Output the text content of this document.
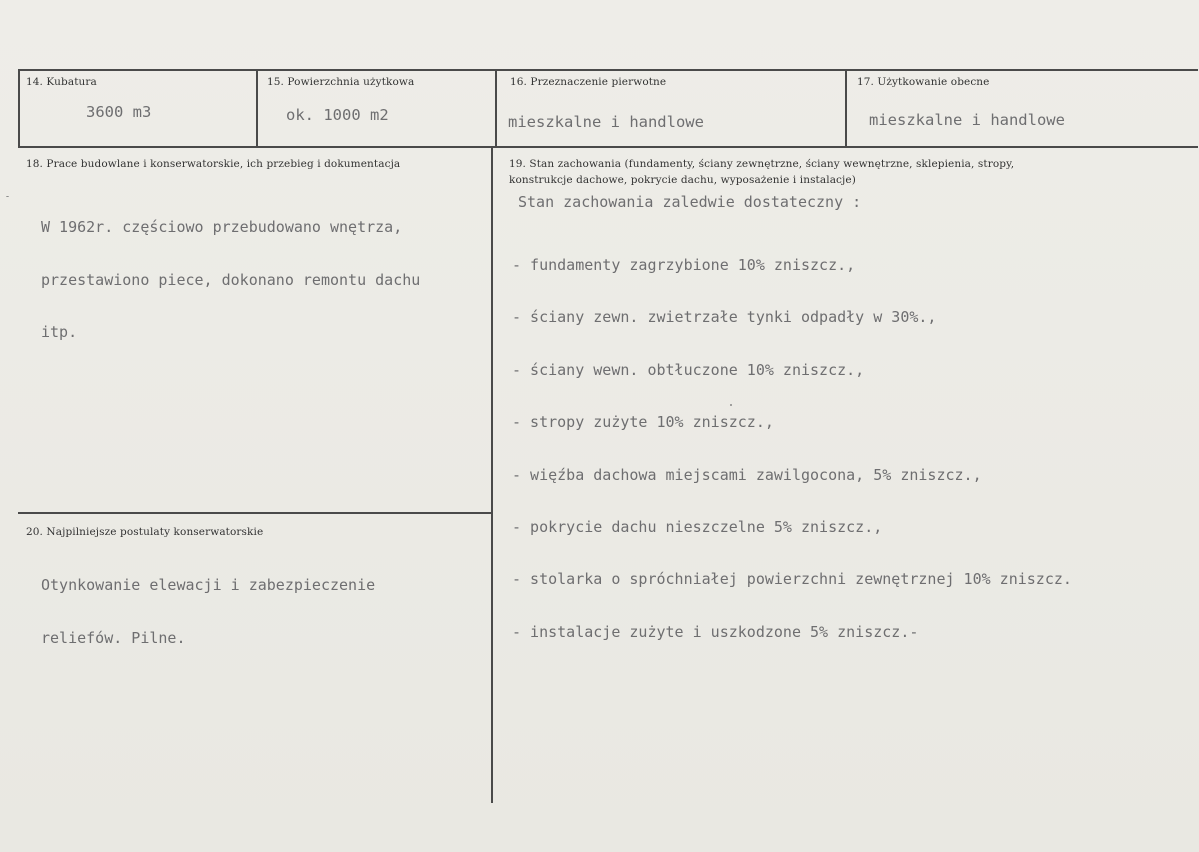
14. Kubatura
3600 m3
15. Powierzchnia użytkowa
ok. 1000 m2
16. Przeznaczenie pierwotne
mieszkalne i handlowe
17. Użytkowanie obecne
mieszkalne i handlowe
18. Prace budowlane i konserwatorskie, ich przebieg i dokumentacja

W 1962r. częściowo przebudowano wnętrza,

przestawiono piece, dokonano remontu dachu

itp.

19. Stan zachowania (fundamenty, ściany zewnętrzne, ściany wewnętrzne, sklepienia, stropy,
konstrukcje dachowe, pokrycie dachu, wyposażenie i instalacje)
Stan zachowania zaledwie dostateczny :

- fundamenty zagrzybione 10% zniszcz.,

- ściany zewn. zwietrzałe tynki odpadły w 30%.,

- ściany wewn. obtłuczone 10% zniszcz.,

- stropy zużyte 10% zniszcz.,

- więźba dachowa miejscami zawilgocona, 5% zniszcz.,

- pokrycie dachu nieszczelne 5% zniszcz.,

- stolarka o spróchniałej powierzchni zewnętrznej 10% zniszcz.

- instalacje zużyte i uszkodzone 5% zniszcz.-

20. Najpilniejsze postulaty konserwatorskie

Otynkowanie elewacji i zabezpieczenie

reliefów. Pilne.
